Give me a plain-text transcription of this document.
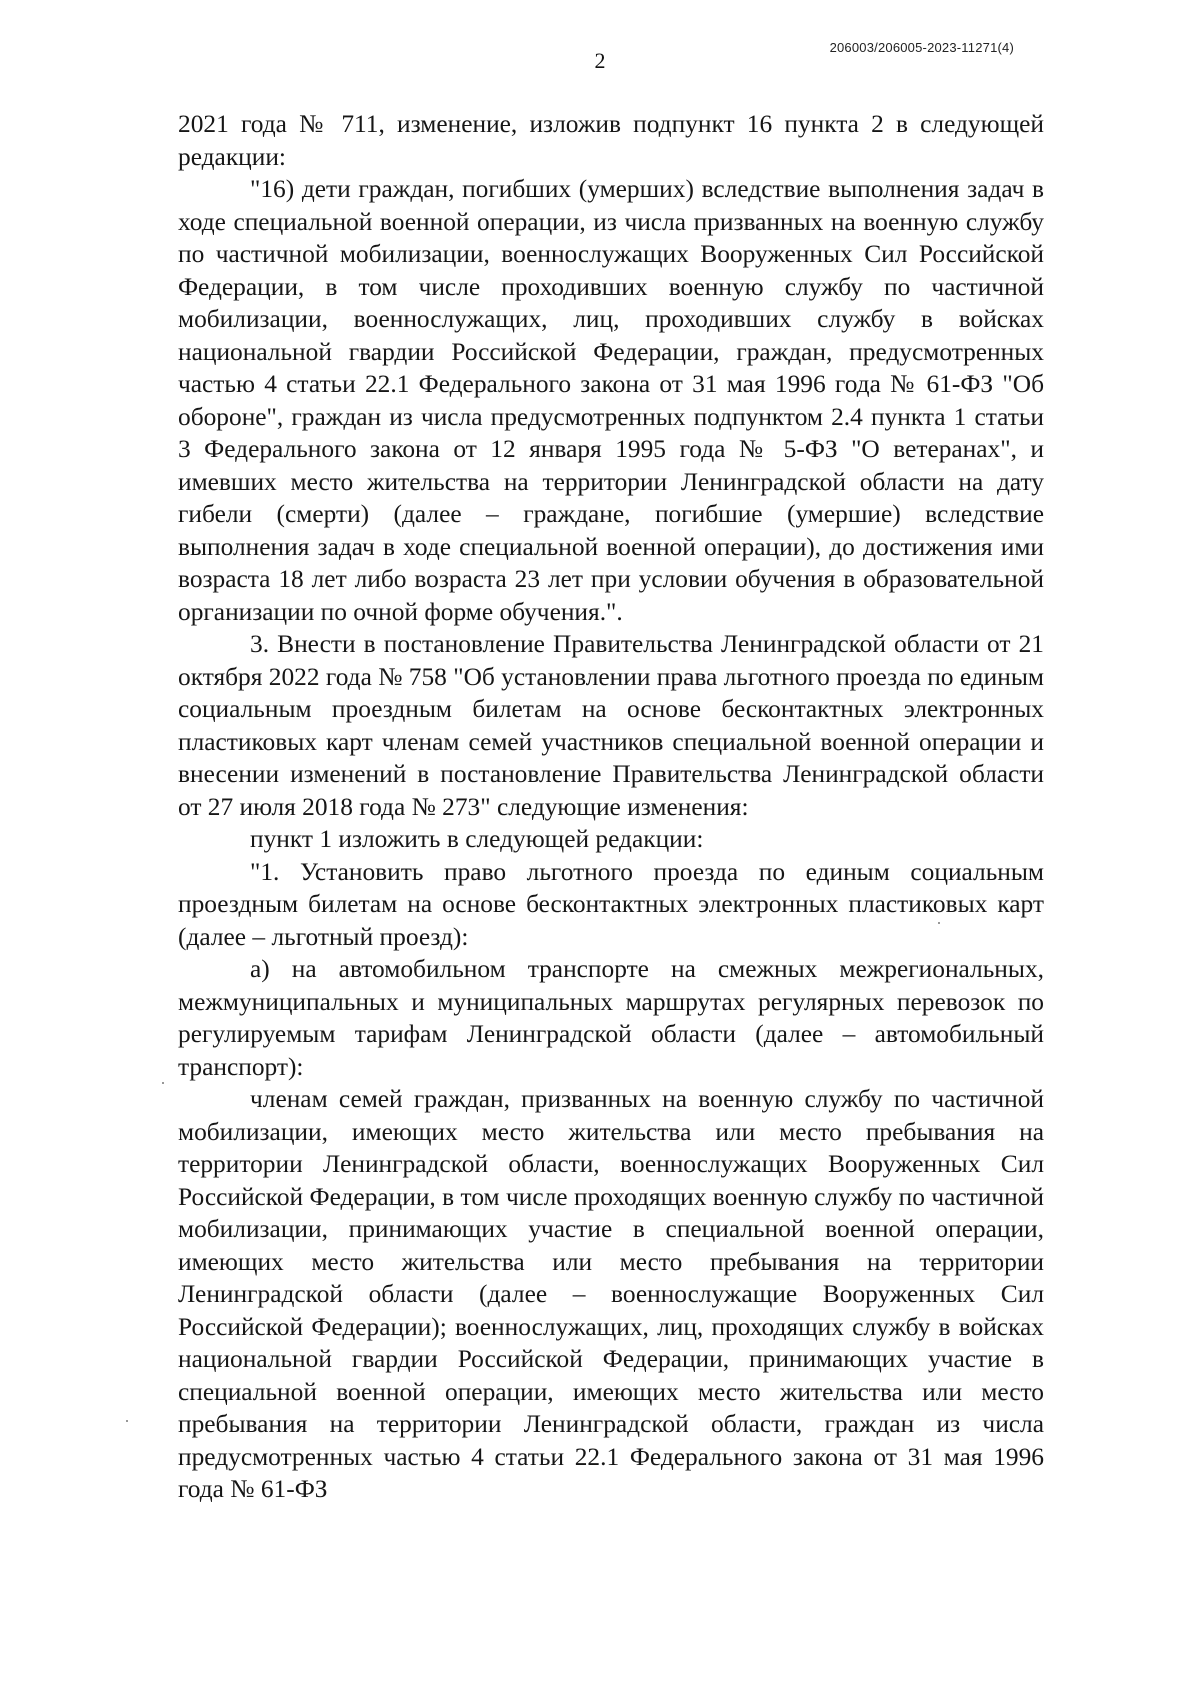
206003/206005-2023-11271(4)
2

2021 года № 711, изменение, изложив подпункт 16 пункта 2 в следующей редакции:

"16) дети граждан, погибших (умерших) вследствие выполнения задач в ходе специальной военной операции, из числа призванных на военную службу по частичной мобилизации, военнослужащих Вооруженных Сил Российской Федерации, в том числе проходивших военную службу по частичной мобилизации, военнослужащих, лиц, проходивших службу в войсках национальной гвардии Российской Федерации, граждан, предусмотренных частью 4 статьи 22.1 Федерального закона от 31 мая 1996 года № 61-ФЗ "Об обороне", граждан из числа предусмотренных подпунктом 2.4 пункта 1 статьи 3 Федерального закона от 12 января 1995 года № 5-ФЗ "О ветеранах", и имевших место жительства на территории Ленинградской области на дату гибели (смерти) (далее – граждане, погибшие (умершие) вследствие выполнения задач в ходе специальной военной операции), до достижения ими возраста 18 лет либо возраста 23 лет при условии обучения в образовательной организации по очной форме обучения.".

3. Внести в постановление Правительства Ленинградской области от 21 октября 2022 года № 758 "Об установлении права льготного проезда по единым социальным проездным билетам на основе бесконтактных электронных пластиковых карт членам семей участников специальной военной операции и внесении изменений в постановление Правительства Ленинградской области от 27 июля 2018 года № 273" следующие изменения:

пункт 1 изложить в следующей редакции:

"1. Установить право льготного проезда по единым социальным проездным билетам на основе бесконтактных электронных пластиковых карт (далее – льготный проезд):

а) на автомобильном транспорте на смежных межрегиональных, межмуниципальных и муниципальных маршрутах регулярных перевозок по регулируемым тарифам Ленинградской области (далее – автомобильный транспорт):

членам семей граждан, призванных на военную службу по частичной мобилизации, имеющих место жительства или место пребывания на территории Ленинградской области, военнослужащих Вооруженных Сил Российской Федерации, в том числе проходящих военную службу по частичной мобилизации, принимающих участие в специальной военной операции, имеющих место жительства или место пребывания на территории Ленинградской области (далее – военнослужащие Вооруженных Сил Российской Федерации); военнослужащих, лиц, проходящих службу в войсках национальной гвардии Российской Федерации, принимающих участие в специальной военной операции, имеющих место жительства или место пребывания на территории Ленинградской области, граждан из числа предусмотренных частью 4 статьи 22.1 Федерального закона от 31 мая 1996 года № 61-ФЗ
